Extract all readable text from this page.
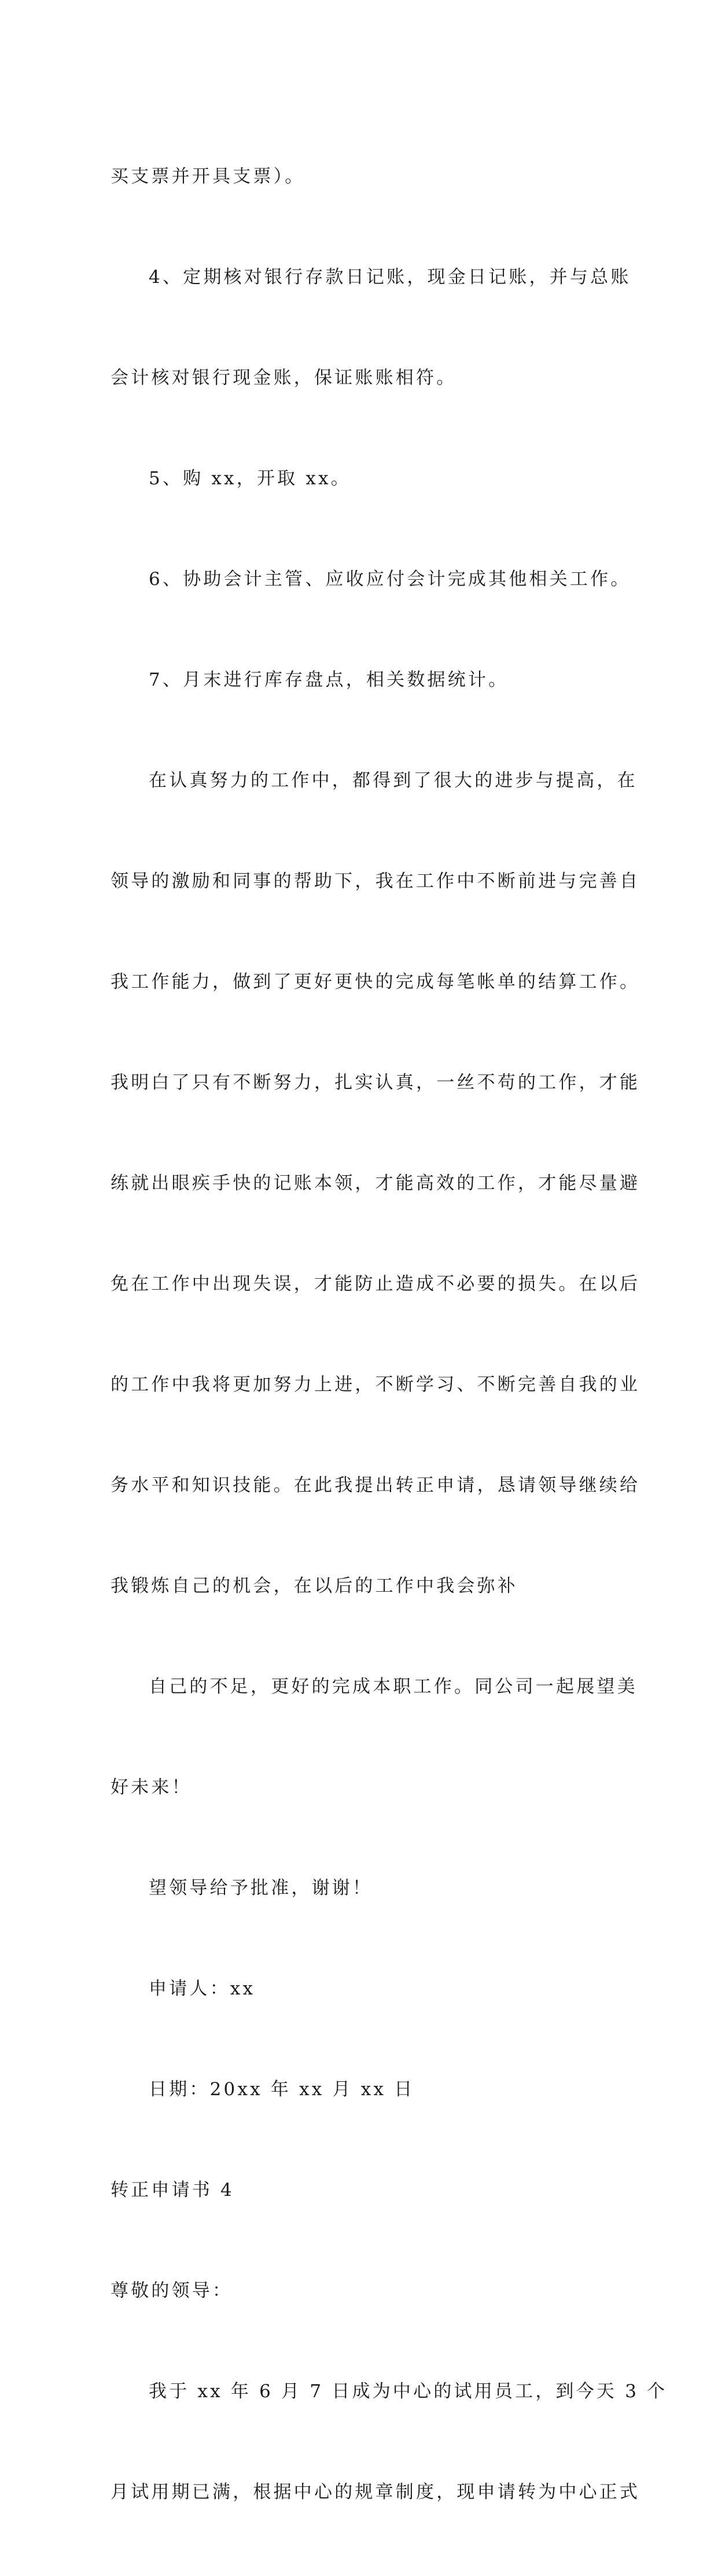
买支票并开具支票）。

4、定期核对银行存款日记账，现金日记账，并与总账

会计核对银行现金账，保证账账相符。

5、购 xx，开取 xx。

6、协助会计主管、应收应付会计完成其他相关工作。

7、月末进行库存盘点，相关数据统计。

在认真努力的工作中，都得到了很大的进步与提高，在

领导的激励和同事的帮助下，我在工作中不断前进与完善自

我工作能力，做到了更好更快的完成每笔帐单的结算工作。

我明白了只有不断努力，扎实认真，一丝不苟的工作，才能

练就出眼疾手快的记账本领，才能高效的工作，才能尽量避

免在工作中出现失误，才能防止造成不必要的损失。在以后

的工作中我将更加努力上进，不断学习、不断完善自我的业

务水平和知识技能。在此我提出转正申请，恳请领导继续给

我锻炼自己的机会，在以后的工作中我会弥补

自己的不足，更好的完成本职工作。同公司一起展望美

好未来！

望领导给予批准，谢谢！

申请人：xx

日期：20xx 年 xx 月 xx 日

转正申请书 4

尊敬的领导：

我于 xx 年 6 月 7 日成为中心的试用员工，到今天 3 个

月试用期已满，根据中心的规章制度，现申请转为中心正式
